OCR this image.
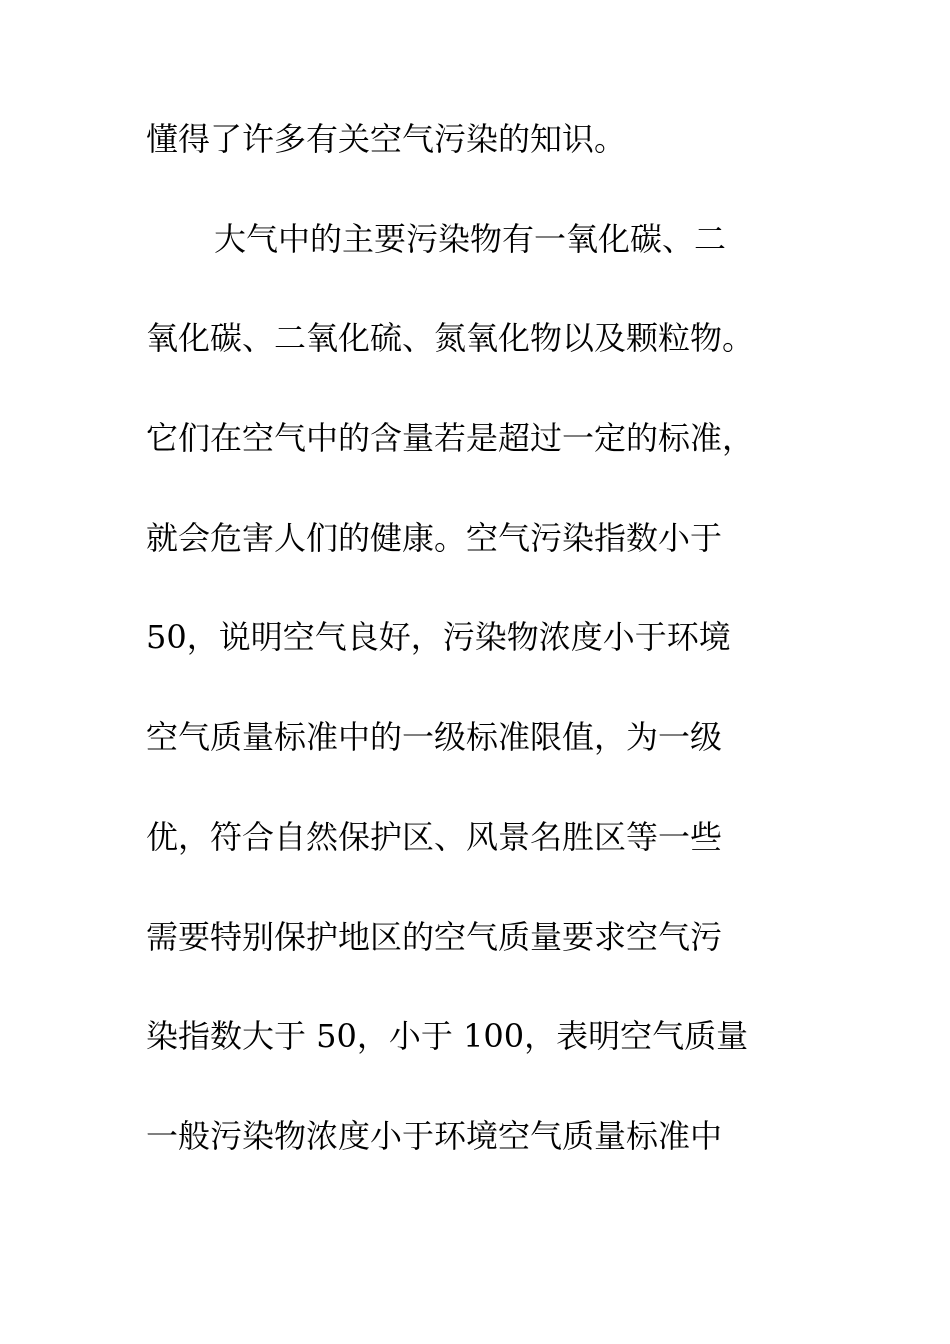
懂得了许多有关空气污染的知识。
大气中的主要污染物有一氧化碳、二
氧化碳、二氧化硫、氮氧化物以及颗粒物。
它们在空气中的含量若是超过一定的标准，
就会危害人们的健康。空气污染指数小于
50，说明空气良好，污染物浓度小于环境
空气质量标准中的一级标准限值，为一级
优，符合自然保护区、风景名胜区等一些
需要特别保护地区的空气质量要求空气污
染指数大于 50，小于 100，表明空气质量
一般污染物浓度小于环境空气质量标准中
